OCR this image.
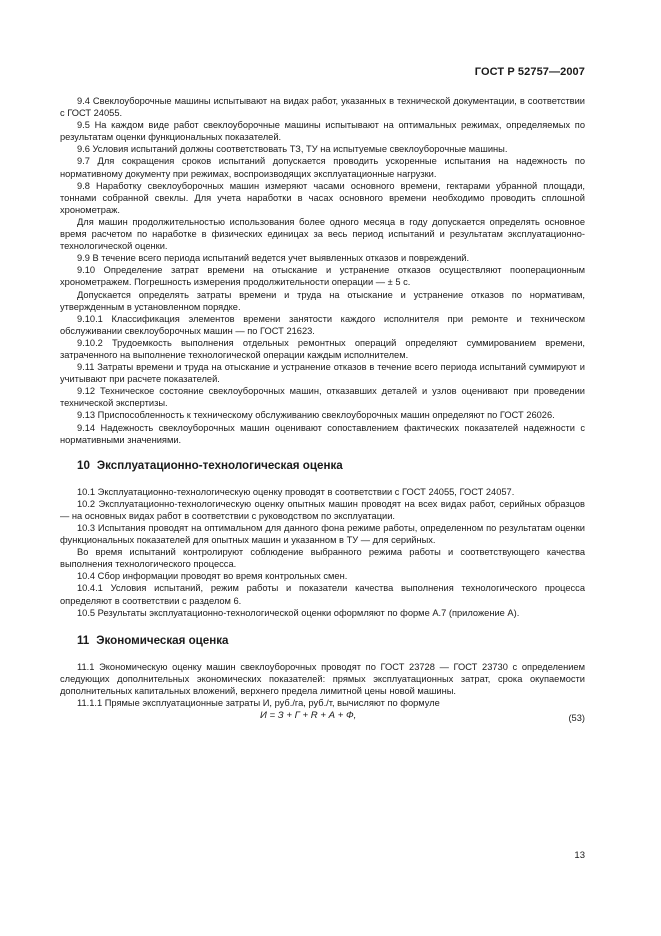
ГОСТ Р 52757—2007

9.4 Свеклоуборочные машины испытывают на видах работ, указанных в технической документации, в соответствии с ГОСТ 24055.

9.5 На каждом виде работ свеклоуборочные машины испытывают на оптимальных режимах, определяемых по результатам оценки функциональных показателей.

9.6 Условия испытаний должны соответствовать ТЗ, ТУ на испытуемые свеклоуборочные машины.

9.7 Для сокращения сроков испытаний допускается проводить ускоренные испытания на надежность по нормативному документу при режимах, воспроизводящих эксплуатационные нагрузки.

9.8 Наработку свеклоуборочных машин измеряют часами основного времени, гектарами убранной площади, тоннами собранной свеклы. Для учета наработки в часах основного времени необходимо проводить сплошной хронометраж.

Для машин продолжительностью использования более одного месяца в году допускается определять основное время расчетом по наработке в физических единицах за весь период испытаний и результатам эксплуатационно-технологической оценки.

9.9 В течение всего периода испытаний ведется учет выявленных отказов и повреждений.

9.10 Определение затрат времени на отыскание и устранение отказов осуществляют пооперационным хронометражем. Погрешность измерения продолжительности операции — ± 5 с.

Допускается определять затраты времени и труда на отыскание и устранение отказов по нормативам, утвержденным в установленном порядке.

9.10.1 Классификация элементов времени занятости каждого исполнителя при ремонте и техническом обслуживании свеклоуборочных машин — по ГОСТ 21623.

9.10.2 Трудоемкость выполнения отдельных ремонтных операций определяют суммированием времени, затраченного на выполнение технологической операции каждым исполнителем.

9.11 Затраты времени и труда на отыскание и устранение отказов в течение всего периода испытаний суммируют и учитывают при расчете показателей.

9.12 Техническое состояние свеклоуборочных машин, отказавших деталей и узлов оценивают при проведении технической экспертизы.

9.13 Приспособленность к техническому обслуживанию свеклоуборочных машин определяют по ГОСТ 26026.

9.14 Надежность свеклоуборочных машин оценивают сопоставлением фактических показателей надежности с нормативными значениями.

10 Эксплуатационно-технологическая оценка

10.1 Эксплуатационно-технологическую оценку проводят в соответствии с ГОСТ 24055, ГОСТ 24057.

10.2 Эксплуатационно-технологическую оценку опытных машин проводят на всех видах работ, серийных образцов — на основных видах работ в соответствии с руководством по эксплуатации.

10.3 Испытания проводят на оптимальном для данного фона режиме работы, определенном по результатам оценки функциональных показателей для опытных машин и указанном в ТУ — для серийных.

Во время испытаний контролируют соблюдение выбранного режима работы и соответствующего качества выполнения технологического процесса.

10.4 Сбор информации проводят во время контрольных смен.

10.4.1 Условия испытаний, режим работы и показатели качества выполнения технологического процесса определяют в соответствии с разделом 6.

10.5 Результаты эксплуатационно-технологической оценки оформляют по форме А.7 (приложение А).

11 Экономическая оценка

11.1 Экономическую оценку машин свеклоуборочных проводят по ГОСТ 23728 — ГОСТ 23730 с определением следующих дополнительных экономических показателей: прямых эксплуатационных затрат, срока окупаемости дополнительных капитальных вложений, верхнего предела лимитной цены новой машины.

11.1.1 Прямые эксплуатационные затраты И, руб./га, руб./т, вычисляют по формуле

И = З + Г + R + А + Ф,	(53)
13
